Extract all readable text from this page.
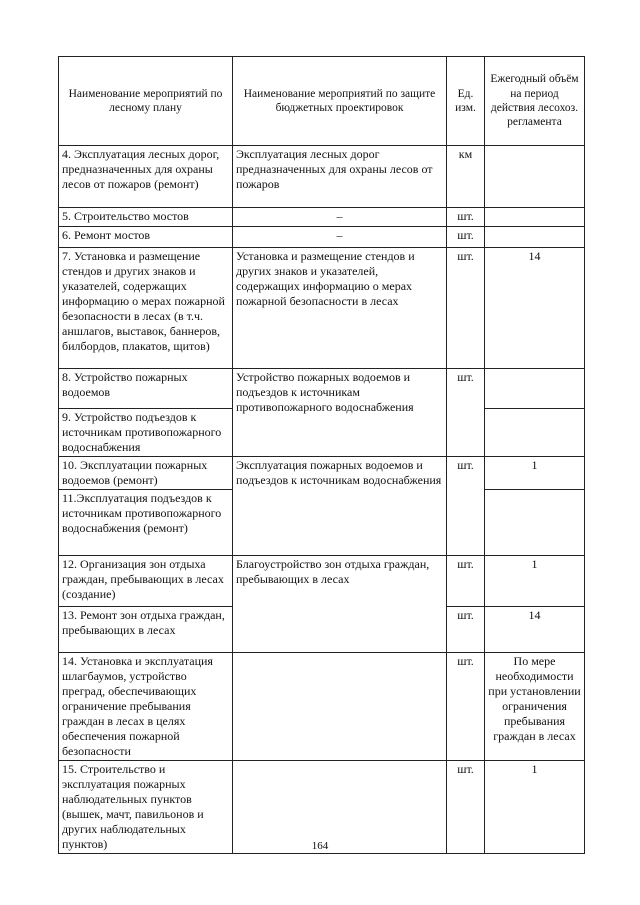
Наименование мероприятий по лесному плану	Наименование мероприятий по защите бюджетных проектировок	Ед. изм.	Ежегодный объём на период действия лесохоз. регламента
4. Эксплуатация лесных дорог, предназначенных для охраны лесов от пожаров (ремонт)	Эксплуатация лесных дорог предназначенных для охраны лесов от пожаров	км	
5. Строительство мостов	–	шт.	
6. Ремонт мостов	–	шт.	
7. Установка и размещение стендов и других знаков и указателей, содержащих информацию о мерах пожарной безопасности в лесах (в т.ч. аншлагов, выставок, баннеров, билбордов, плакатов, щитов)	Установка и размещение стендов и других знаков и указателей, содержащих информацию о мерах пожарной безопасности в лесах	шт.	14
8. Устройство пожарных водоемов	Устройство пожарных водоемов и подъездов к источникам противопожарного водоснабжения	шт.	
9. Устройство подъездов к источникам противопожарного водоснабжения			
10. Эксплуатации пожарных водоемов (ремонт)	Эксплуатация пожарных водоемов и подъездов к источникам водоснабжения	шт.	1
11.Эксплуатация подъездов к источникам противопожарного водоснабжения (ремонт)			
12. Организация зон отдыха граждан, пребывающих в лесах (создание)	Благоустройство зон отдыха граждан, пребывающих в лесах	шт.	1
13. Ремонт зон отдыха граждан, пребывающих в лесах		шт.	14
14. Установка и эксплуатация шлагбаумов, устройство преград, обеспечивающих ограничение пребывания граждан в лесах в целях обеспечения пожарной безопасности		шт.	По мере необходимости при установлении ограничения пребывания граждан в лесах
15. Строительство и эксплуатация пожарных наблюдательных пунктов (вышек, мачт, павильонов и других наблюдательных пунктов)		шт.	1
164
